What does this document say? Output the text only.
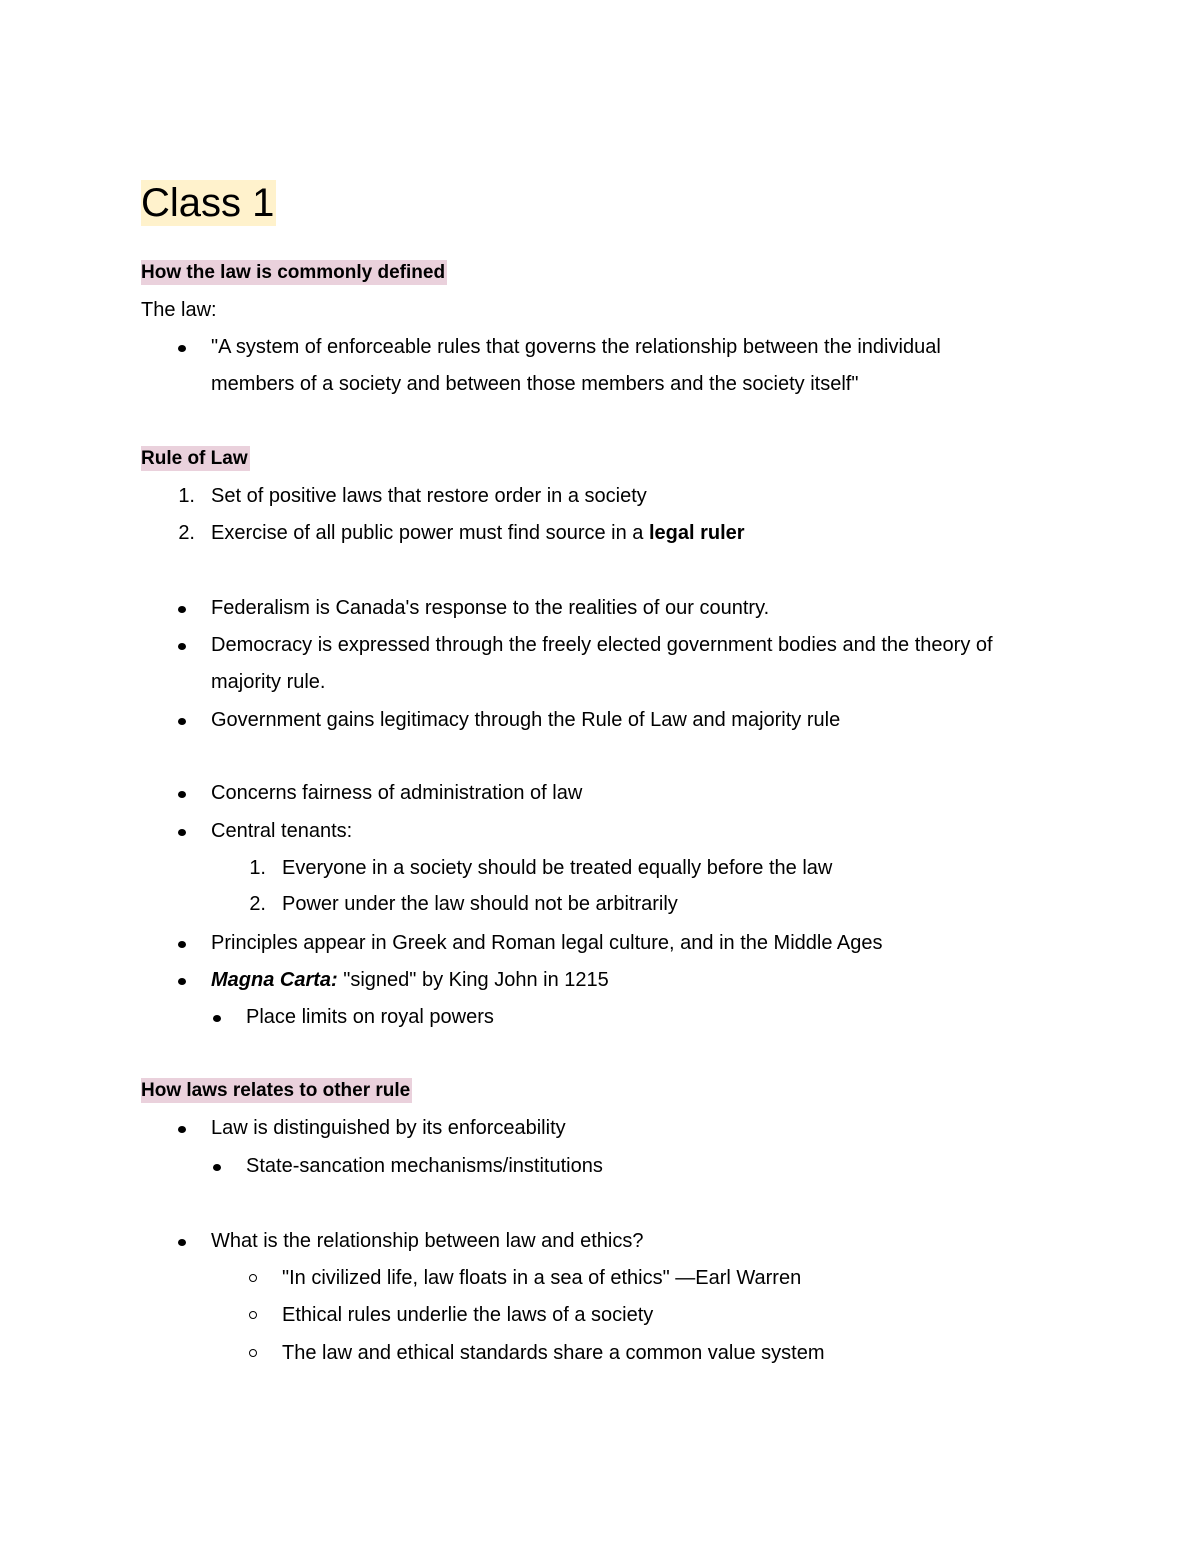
Class 1
How the law is commonly defined
The law:
"A system of enforceable rules that governs the relationship between the individual
members of a society and between those members and the society itself"
Rule of Law
1. Set of positive laws that restore order in a society
2. Exercise of all public power must find source in a legal ruler
Federalism is Canada's response to the realities of our country.
Democracy is expressed through the freely elected government bodies and the theory of
majority rule.
Government gains legitimacy through the Rule of Law and majority rule
Concerns fairness of administration of law
Central tenants:
1. Everyone in a society should be treated equally before the law
2. Power under the law should not be arbitrarily
Principles appear in Greek and Roman legal culture, and in the Middle Ages
Magna Carta: "signed" by King John in 1215
Place limits on royal powers
How laws relates to other rule
Law is distinguished by its enforceability
State-sancation mechanisms/institutions
What is the relationship between law and ethics?
"In civilized life, law floats in a sea of ethics" —Earl Warren
Ethical rules underlie the laws of a society
The law and ethical standards share a common value system
